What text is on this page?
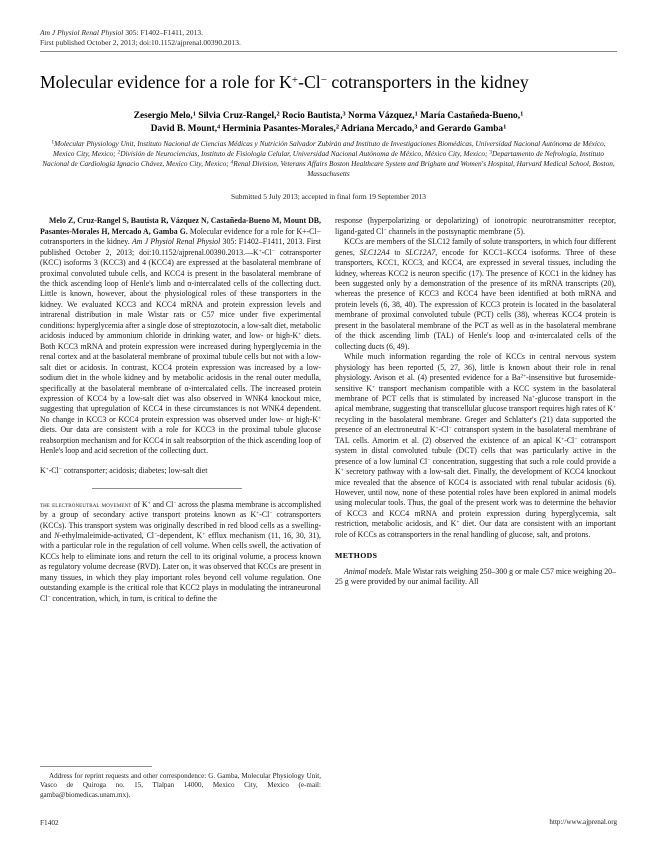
Am J Physiol Renal Physiol 305: F1402–F1411, 2013.
First published October 2, 2013; doi:10.1152/ajprenal.00390.2013.
Molecular evidence for a role for K+-Cl− cotransporters in the kidney
Zesergio Melo,$^1$ Silvia Cruz-Rangel,$^2$ Rocio Bautista,$^3$ Norma Vázquez,$^1$ María Castañeda-Bueno,$^1$
David B. Mount,$^4$ Herminia Pasantes-Morales,$^2$ Adriana Mercado,$^3$ and Gerardo Gamba$^1$
$^1$Molecular Physiology Unit, Instituto Nacional de Ciencias Médicas y Nutrición Salvador Zubirán and Instituto de Investigaciones Biomédicas, Universidad Nacional Autónoma de México, Mexico City, Mexico; $^2$División de Neurociencias, Instituto de Fisiología Celular, Universidad Nacional Autónoma de México, México City, Mexico; $^3$Departamento de Nefrología, Instituto Nacional de Cardiología Ignacio Chávez, Mexico City, Mexico; $^4$Renal Division, Veterans Affairs Boston Healthcare System and Brigham and Women's Hospital, Harvard Medical School, Boston, Massachusetts
Submitted 5 July 2013; accepted in final form 19 September 2013

Melo Z, Cruz-Rangel S, Bautista R, Vázquez N, Castañeda-Bueno M, Mount DB, Pasantes-Morales H, Mercado A, Gamba G. Molecular evidence for a role for K+-Cl− cotransporters in the kidney. Am J Physiol Renal Physiol 305: F1402–F1411, 2013. First published October 2, 2013; doi:10.1152/ajprenal.00390.2013.—K+-Cl− cotransporter (KCC) isoforms 3 (KCC3) and 4 (KCC4) are expressed at the basolateral membrane of proximal convoluted tubule cells, and KCC4 is present in the basolateral membrane of the thick ascending loop of Henle's limb and α-intercalated cells of the collecting duct. Little is known, however, about the physiological roles of these transporters in the kidney. We evaluated KCC3 and KCC4 mRNA and protein expression levels and intrarenal distribution in male Wistar rats or C57 mice under five experimental conditions: hyperglycemia after a single dose of streptozotocin, a low-salt diet, metabolic acidosis induced by ammonium chloride in drinking water, and low- or high-K+ diets. Both KCC3 mRNA and protein expression were increased during hyperglycemia in the renal cortex and at the basolateral membrane of proximal tubule cells but not with a low-salt diet or acidosis. In contrast, KCC4 protein expression was increased by a low-sodium diet in the whole kidney and by metabolic acidosis in the renal outer medulla, specifically at the basolateral membrane of α-intercalated cells. The increased protein expression of KCC4 by a low-salt diet was also observed in WNK4 knockout mice, suggesting that upregulation of KCC4 in these circumstances is not WNK4 dependent. No change in KCC3 or KCC4 protein expression was observed under low- or high-K+ diets. Our data are consistent with a role for KCC3 in the proximal tubule glucose reabsorption mechanism and for KCC4 in salt reabsorption of the thick ascending loop of Henle's loop and acid secretion of the collecting duct.

K+-Cl− cotransporter; acidosis; diabetes; low-salt diet

the electroneutral movement of K+ and Cl− across the plasma membrane is accomplished by a group of secondary active transport proteins known as K+-Cl− cotransporters (KCCs). This transport system was originally described in red blood cells as a swelling- and N-ethylmaleimide-activated, Cl−-dependent, K+ efflux mechanism (11, 16, 30, 31), with a particular role in the regulation of cell volume. When cells swell, the activation of KCCs help to eliminate ions and return the cell to its original volume, a process known as regulatory volume decrease (RVD). Later on, it was observed that KCCs are present in many tissues, in which they play important roles beyond cell volume regulation. One outstanding example is the critical role that KCC2 plays in modulating the intraneuronal Cl− concentration, which, in turn, is critical to define the

response (hyperpolarizing or depolarizing) of ionotropic neurotransmitter receptor, ligand-gated Cl− channels in the postsynaptic membrane (5).

KCCs are members of the SLC12 family of solute transporters, in which four different genes, SLC12A4 to SLC12A7, encode for KCC1–KCC4 isoforms. Three of these transporters, KCC1, KCC3, and KCC4, are expressed in several tissues, including the kidney, whereas KCC2 is neuron specific (17). The presence of KCC1 in the kidney has been suggested only by a demonstration of the presence of its mRNA transcripts (20), whereas the presence of KCC3 and KCC4 have been identified at both mRNA and protein levels (6, 38, 40). The expression of KCC3 protein is located in the basolateral membrane of proximal convoluted tubule (PCT) cells (38), whereas KCC4 protein is present in the basolateral membrane of the PCT as well as in the basolateral membrane of the thick ascending limb (TAL) of Henle's loop and α-intercalated cells of the collecting ducts (6, 49).

While much information regarding the role of KCCs in central nervous system physiology has been reported (5, 27, 36), little is known about their role in renal physiology. Avison et al. (4) presented evidence for a $Ba^{2+}$-insensitive but furosemide-sensitive K+ transport mechanism compatible with a KCC system in the basolateral membrane of PCT cells that is stimulated by increased Na+-glucose transport in the apical membrane, suggesting that transcellular glucose transport requires high rates of K+ recycling in the basolateral membrane. Greger and Schlatter's (21) data supported the presence of an electroneutral K+-Cl− cotransport system in the basolateral membrane of TAL cells. Amorim et al. (2) observed the existence of an apical K+-Cl− cotransport system in distal convoluted tubule (DCT) cells that was particularly active in the presence of a low luminal Cl− concentration, suggesting that such a role could provide a K+ secretory pathway with a low-salt diet. Finally, the development of KCC4 knockout mice revealed that the absence of KCC4 is associated with renal tubular acidosis (6). However, until now, none of these potential roles have been explored in animal models using molecular tools. Thus, the goal of the present work was to determine the behavior of KCC3 and KCC4 mRNA and protein expression during hyperglycemia, salt restriction, metabolic acidosis, and K+ diet. Our data are consistent with an important role of KCCs as cotransporters in the renal handling of glucose, salt, and protons.

METHODS

Animal models. Male Wistar rats weighing 250–300 g or male C57 mice weighing 20–25 g were provided by our animal facility. All

Address for reprint requests and other correspondence: G. Gamba, Molecular Physiology Unit, Vasco de Quiroga no. 15, Tlalpan 14000, Mexico City, Mexico (e-mail: gamba@biomedicas.unam.mx).
F1402	http://www.ajprenal.org
